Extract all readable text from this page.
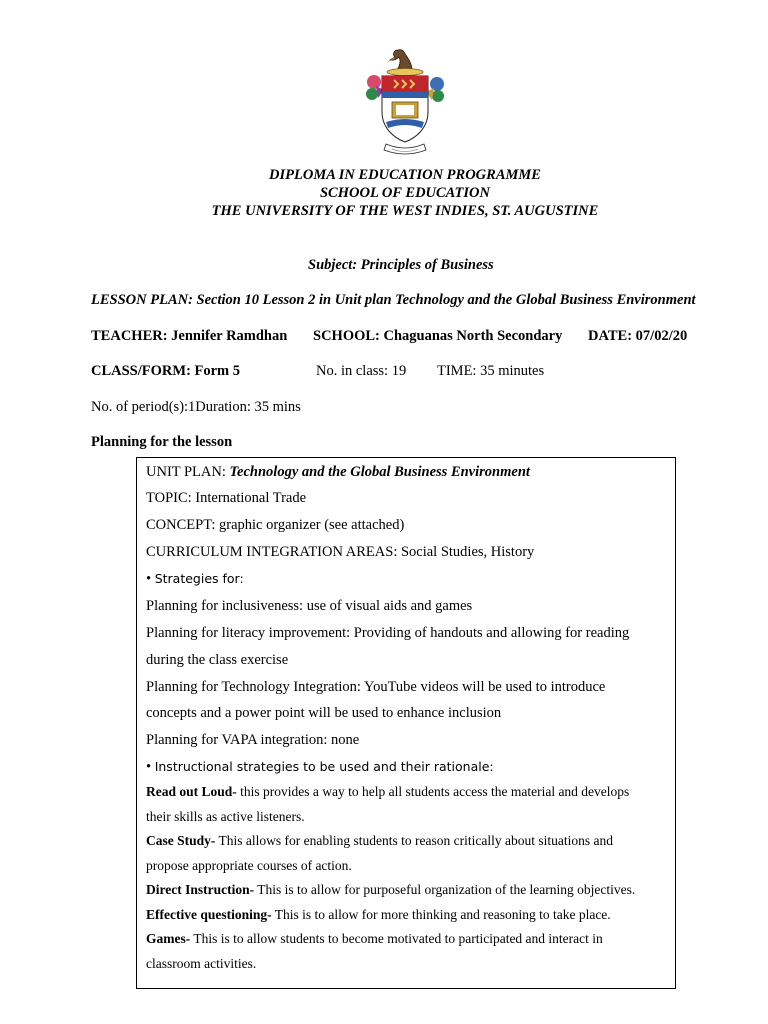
DIPLOMA IN EDUCATION PROGRAMME
SCHOOL OF EDUCATION
THE UNIVERSITY OF THE WEST INDIES, ST. AUGUSTINE
Subject: Principles of Business
LESSON PLAN: Section 10 Lesson 2 in Unit plan Technology and the Global Business Environment
TEACHER: Jennifer Ramdhan SCHOOL: Chaguanas North Secondary DATE: 07/02/20
CLASS/FORM: Form 5	No. in class: 19 TIME: 35 minutes
No. of period(s):1Duration: 35 mins
Planning for the lesson
UNIT PLAN: Technology and the Global Business Environment
TOPIC: International Trade
CONCEPT: graphic organizer (see attached)
CURRICULUM INTEGRATION AREAS: Social Studies, History
• Strategies for:
Planning for inclusiveness: use of visual aids and games
Planning for literacy improvement: Providing of handouts and allowing for reading
during the class exercise
Planning for Technology Integration: YouTube videos will be used to introduce
concepts and a power point will be used to enhance inclusion
Planning for VAPA integration: none
• Instructional strategies to be used and their rationale:
Read out Loud- this provides a way to help all students access the material and develops
their skills as active listeners.
Case Study- This allows for enabling students to reason critically about situations and
propose appropriate courses of action.
Direct Instruction- This is to allow for purposeful organization of the learning objectives.
Effective questioning- This is to allow for more thinking and reasoning to take place.
Games- This is to allow students to become motivated to participated and interact in
classroom activities.
